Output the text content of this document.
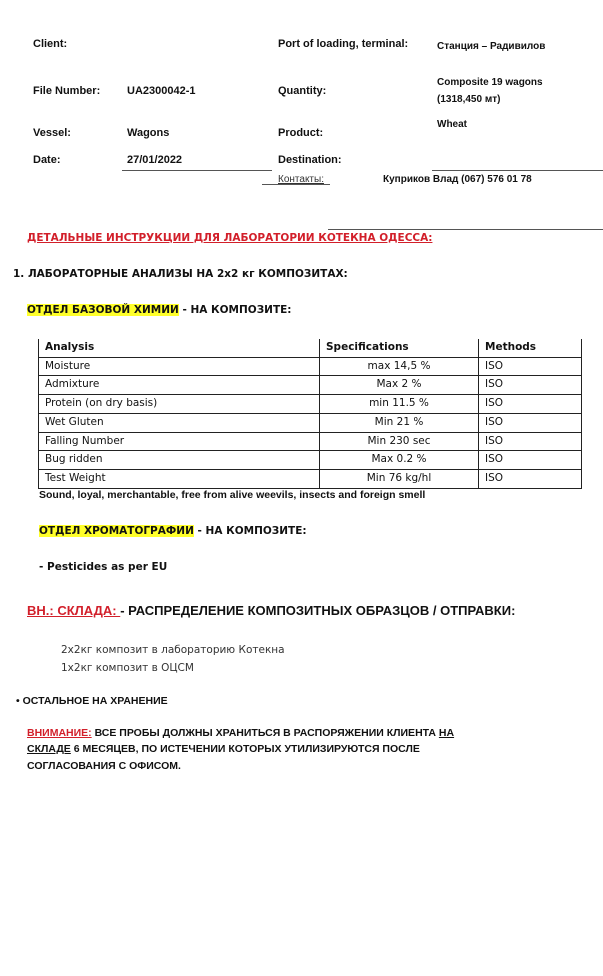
Client:	Port of loading, terminal:	Станция – Радивилов
File Number: UA2300042-1	Quantity:
Composite 19 wagons
(1318,450 мт)
Vessel:	Wagons	Product:
Wheat
Date:	27/01/2022	Destination:
Контакты:	Куприков Влад (067) 576 01 78
ДЕТАЛЬНЫЕ ИНСТРУКЦИИ ДЛЯ ЛАБОРАТОРИИ КОТЕКНА ОДЕССА:
1. ЛАБОРАТОРНЫЕ АНАЛИЗЫ НА 2х2 кг КОМПОЗИТАХ:
ОТДЕЛ БАЗОВОЙ ХИМИИ - НА КОМПОЗИТЕ:
Analysis	Specifications	Methods
Moisture	max 14,5 %	ISO
Admixture	Max 2 %	ISO
Protein (on dry basis)	min 11.5 %	ISO
Wet Gluten	Min 21 %	ISO
Falling Number	Min 230 sec	ISO
Bug ridden	Max 0.2 %	ISO
Test Weight	Min 76 kg/hl	ISO
Sound, loyal, merchantable, free from alive weevils, insects and foreign smell
ОТДЕЛ ХРОМАТОГРАФИИ - НА КОМПОЗИТЕ:
- Pesticides as per EU
ВН.: СКЛАДА: - РАСПРЕДЕЛЕНИЕ КОМПОЗИТНЫХ ОБРАЗЦОВ / ОТПРАВКИ:
2х2кг композит в лабораторию Котекна
1х2кг композит в ОЦСМ
• ОСТАЛЬНОЕ НА ХРАНЕНИЕ
ВНИМАНИЕ: ВСЕ ПРОБЫ ДОЛЖНЫ ХРАНИТЬСЯ В РАСПОРЯЖЕНИИ КЛИЕНТА НА
СКЛАДЕ 6 МЕСЯЦЕВ, ПО ИСТЕЧЕНИИ КОТОРЫХ УТИЛИЗИРУЮТСЯ ПОСЛЕ
СОГЛАСОВАНИЯ С ОФИСОМ.
